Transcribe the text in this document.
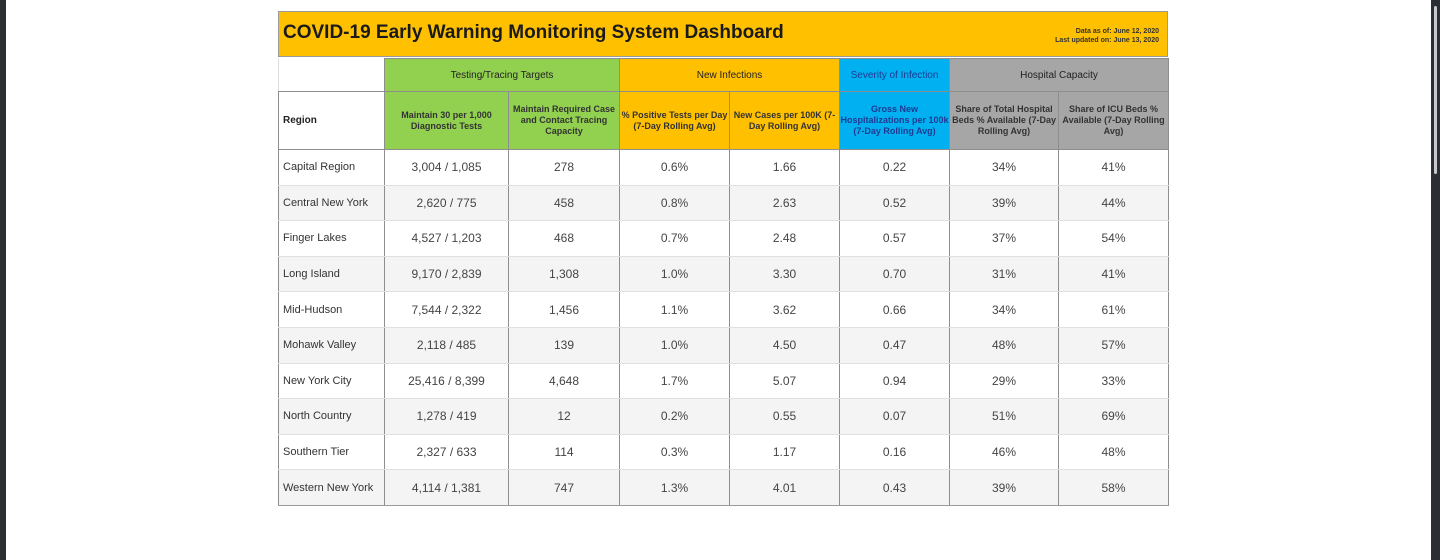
COVID-19 Early Warning Monitoring System Dashboard	Data as of: June 12, 2020
Last updated on: June 13, 2020
	Testing/Tracing Targets		New Infections		Severity of Infection	Hospital Capacity	
Region	Maintain 30 per 1,000 Diagnostic Tests	Maintain Required Case and Contact Tracing Capacity	% Positive Tests per Day (7-Day Rolling Avg)	New Cases per 100K (7-Day Rolling Avg)	Gross New Hospitalizations per 100k (7-Day Rolling Avg)	Share of Total Hospital Beds % Available (7-Day Rolling Avg)	Share of ICU Beds % Available (7-Day Rolling Avg)
Capital Region	3,004 / 1,085	278	0.6%	1.66	0.22	34%	41%
Central New York	2,620 / 775	458	0.8%	2.63	0.52	39%	44%
Finger Lakes	4,527 / 1,203	468	0.7%	2.48	0.57	37%	54%
Long Island	9,170 / 2,839	1,308	1.0%	3.30	0.70	31%	41%
Mid-Hudson	7,544 / 2,322	1,456	1.1%	3.62	0.66	34%	61%
Mohawk Valley	2,118 / 485	139	1.0%	4.50	0.47	48%	57%
New York City	25,416 / 8,399	4,648	1.7%	5.07	0.94	29%	33%
North Country	1,278 / 419	12	0.2%	0.55	0.07	51%	69%
Southern Tier	2,327 / 633	114	0.3%	1.17	0.16	46%	48%
Western New York	4,114 / 1,381	747	1.3%	4.01	0.43	39%	58%
